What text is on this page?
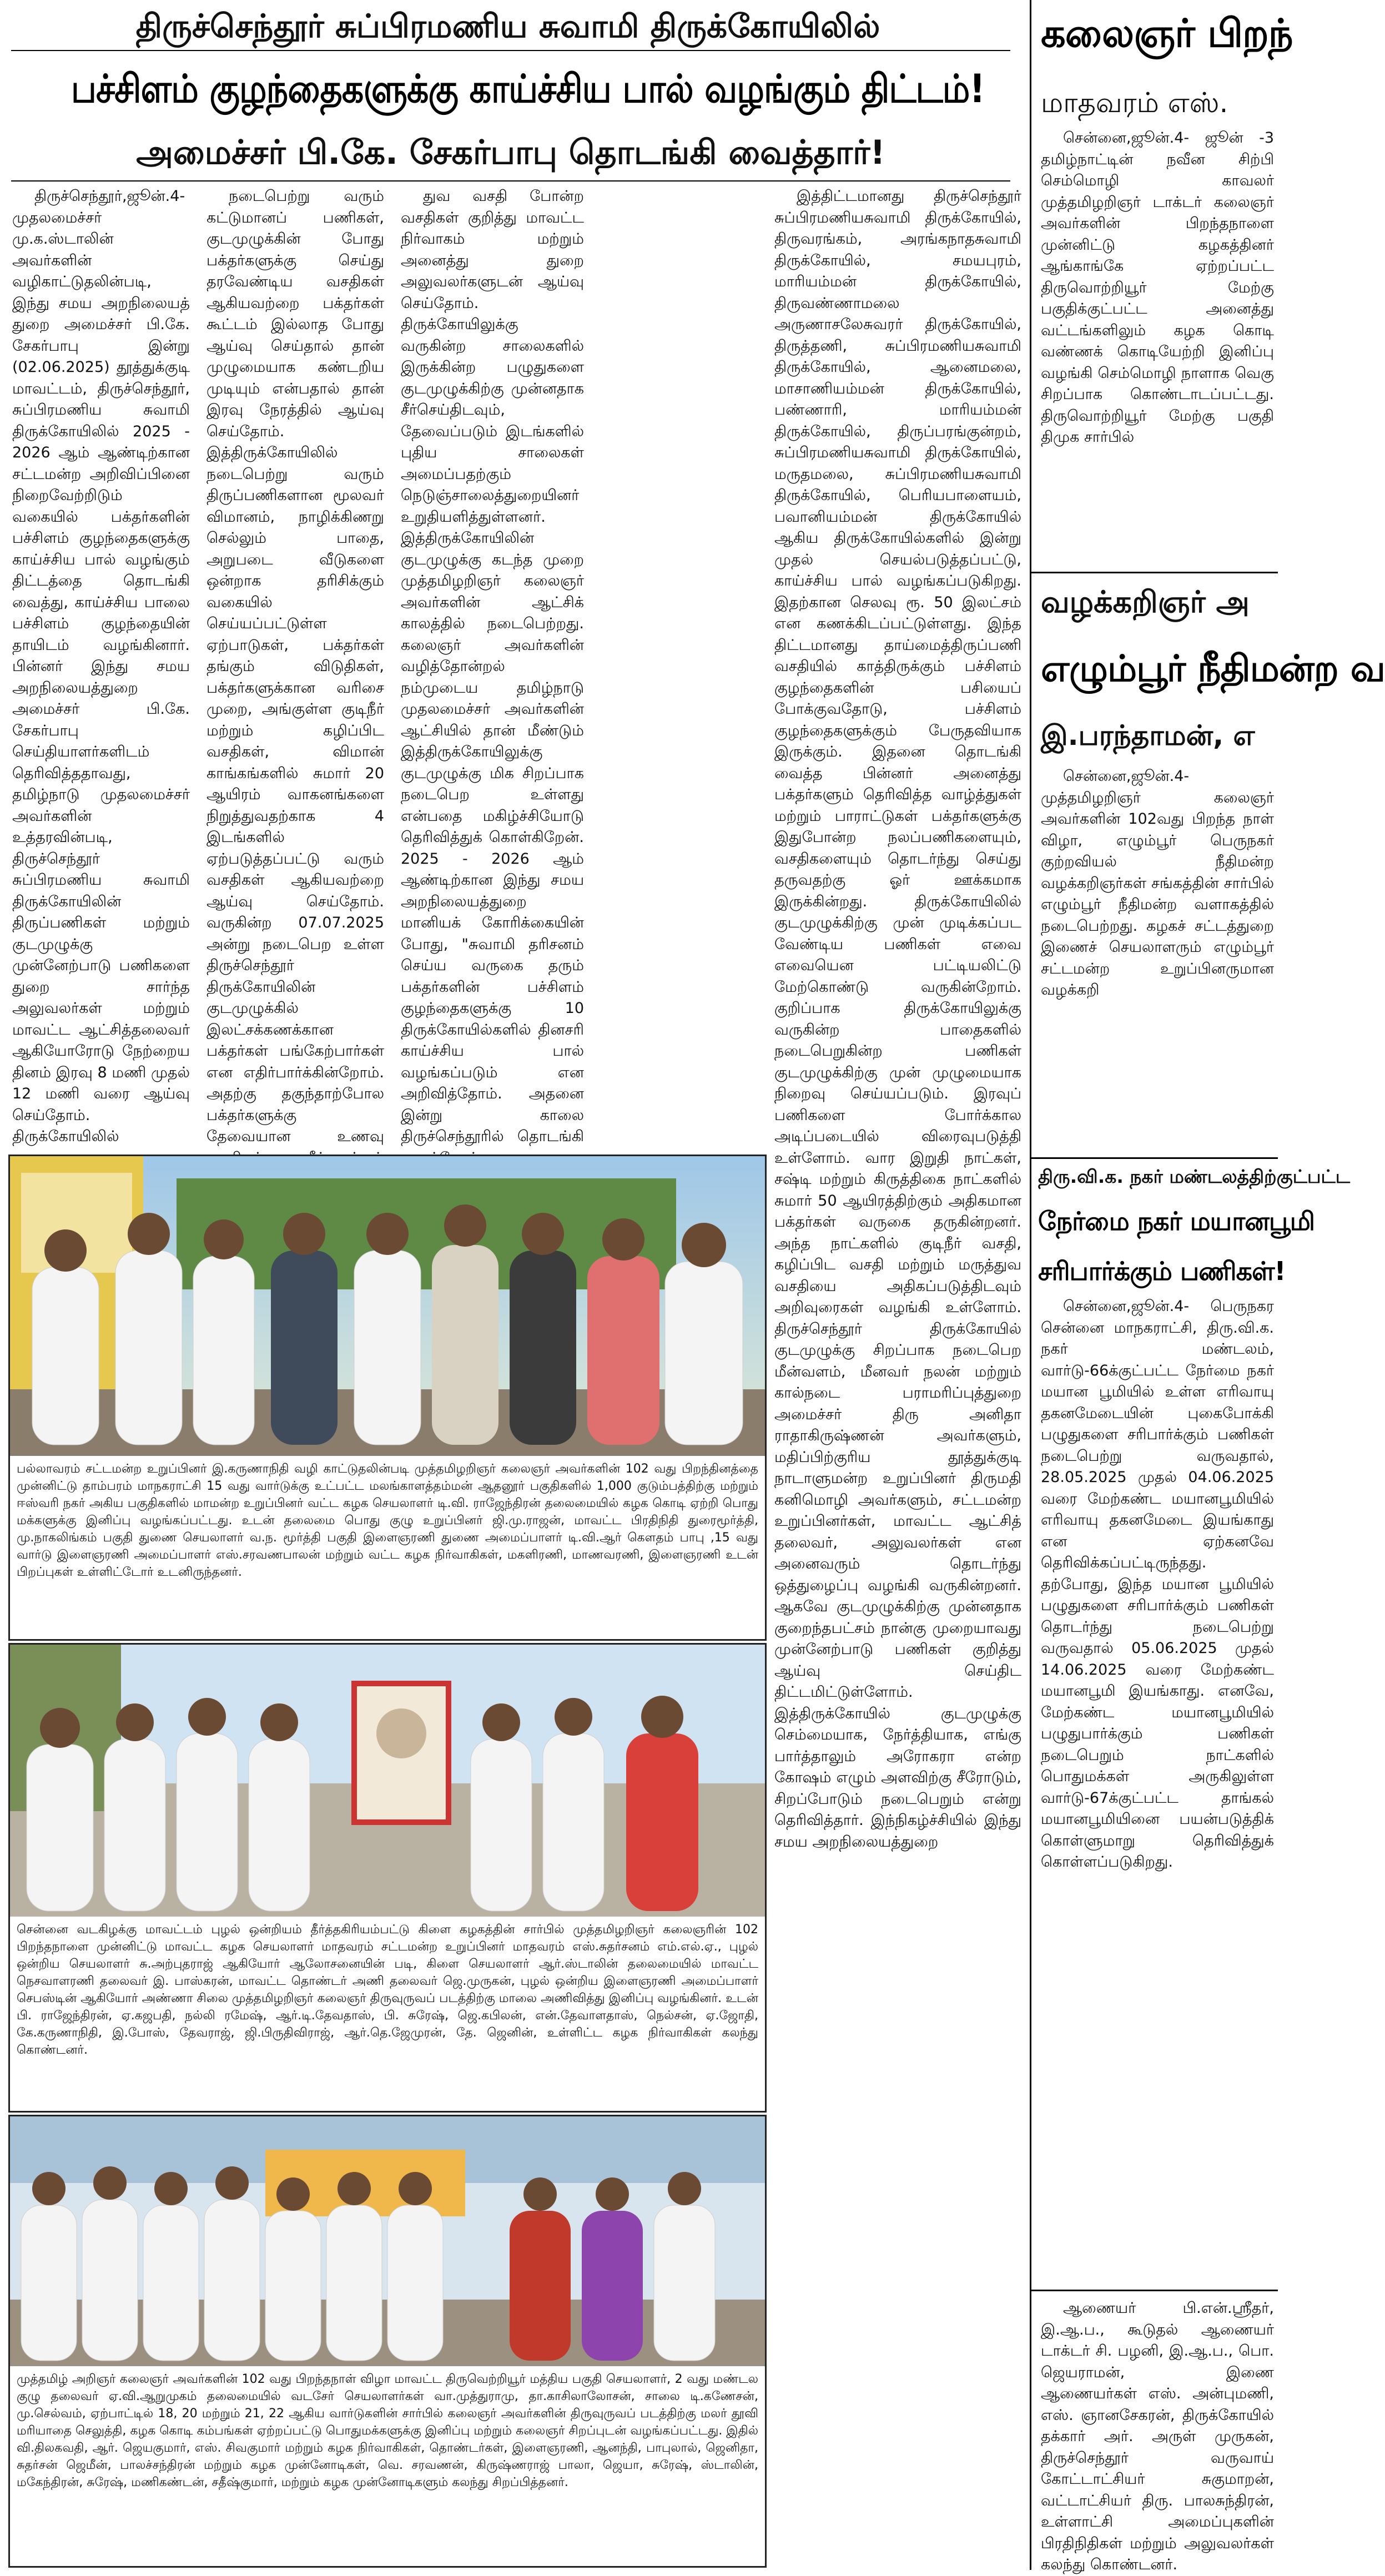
திருச்செந்தூர் சுப்பிரமணிய சுவாமி திருக்கோயிலில்
பச்சிளம் குழந்தைகளுக்கு காய்ச்சிய பால் வழங்கும் திட்டம்!
அமைச்சர் பி.கே. சேகர்பாபு தொடங்கி வைத்தார்!

திருச்செந்தூர்,ஜூன்.4- முதலமைச்சர் மு.க.ஸ்டாலின் அவர்களின் வழிகாட்டுதலின்படி, இந்து சமய அறநிலையத் துறை அமைச்சர் பி.கே. சேகர்பாபு இன்று (02.06.2025) தூத்துக்குடி மாவட்டம், திருச்செந்தூர், சுப்பிரமணிய சுவாமி திருக்கோயிலில் 2025 - 2026 ஆம் ஆண்டிற்கான சட்டமன்ற அறிவிப்பினை நிறைவேற்றிடும் வகையில் பக்தர்களின் பச்சிளம் குழந்தைகளுக்கு காய்ச்சிய பால் வழங்கும் திட்டத்தை தொடங்கி வைத்து, காய்ச்சிய பாலை பச்சிளம் குழந்தையின் தாயிடம் வழங்கினார். பின்னர் இந்து சமய அறநிலையத்துறை அமைச்சர் பி.கே. சேகர்பாபு செய்தியாளர்களிடம் தெரிவித்ததாவது, தமிழ்நாடு முதலமைச்சர் அவர்களின் உத்தரவின்படி, திருச்செந்தூர் சுப்பிரமணிய சுவாமி திருக்கோயிலின் திருப்பணிகள் மற்றும் குடமுழுக்கு முன்னேற்பாடு பணிகளை துறை சார்ந்த அலுவலர்கள் மற்றும் மாவட்ட ஆட்சித்தலைவர் ஆகியோரோடு நேற்றைய தினம் இரவு 8 மணி முதல் 12 மணி வரை ஆய்வு செய்தோம். திருக்கோயிலில்

நடைபெற்று வரும் கட்டுமானப் பணிகள், குடமுழுக்கின் போது பக்தர்களுக்கு செய்து தரவேண்டிய வசதிகள் ஆகியவற்றை பக்தர்கள் கூட்டம் இல்லாத போது ஆய்வு செய்தால் தான் முழுமையாக கண்டறிய முடியும் என்பதால் தான் இரவு நேரத்தில் ஆய்வு செய்தோம். இத்திருக்கோயிலில் நடைபெற்று வரும் திருப்பணிகளான மூலவர் விமானம், நாழிக்கிணறு செல்லும் பாதை, அறுபடை வீடுகளை ஒன்றாக தரிசிக்கும் வகையில் செய்யப்பட்டுள்ள ஏற்பாடுகள், பக்தர்கள் தங்கும் விடுதிகள், பக்தர்களுக்கான வரிசை முறை, அங்குள்ள குடிநீர் மற்றும் கழிப்பிட வசதிகள், விமான் காங்கங்களில் சுமார் 20 ஆயிரம் வாகனங்களை நிறுத்துவதற்காக 4 இடங்களில் ஏற்படுத்தப்பட்டு வரும் வசதிகள் ஆகியவற்றை ஆய்வு செய்தோம். வருகின்ற 07.07.2025 அன்று நடைபெற உள்ள திருச்செந்தூர் திருக்கோயிலின் குடமுழுக்கில் இலட்சக்கணக்கான பக்தர்கள் பங்கேற்பார்கள் என எதிர்பார்க்கின்றோம். அதற்கு தகுந்தாற்போல பக்தர்களுக்கு தேவையான உணவு

துவ வசதி போன்ற வசதிகள் குறித்து மாவட்ட நிர்வாகம் மற்றும் அனைத்து துறை அலுவலர்களுடன் ஆய்வு செய்தோம். திருக்கோயிலுக்கு வருகின்ற சாலைகளில் இருக்கின்ற பழுதுகளை குடமுழுக்கிற்கு முன்னதாக சீர்செய்திடவும், தேவைப்படும் இடங்களில் புதிய சாலைகள் அமைப்பதற்கும் நெடுஞ்சாலைத்துறையினர் உறுதியளித்துள்ளனர். இத்திருக்கோயிலின் குடமுழுக்கு கடந்த முறை முத்தமிழறிஞர் கலைஞர் அவர்களின் ஆட்சிக் காலத்தில் நடைபெற்றது. கலைஞர் அவர்களின் வழித்தோன்றல் நம்முடைய தமிழ்நாடு முதலமைச்சர் அவர்களின் ஆட்சியில் தான் மீண்டும் இத்திருக்கோயிலுக்கு குடமுழுக்கு மிக சிறப்பாக நடைபெற உள்ளது என்பதை மகிழ்ச்சியோடு தெரிவித்துக் கொள்கிறேன். 2025 - 2026 ஆம் ஆண்டிற்கான இந்து சமய அறநிலையத்துறை மானியக் கோரிக்கையின் போது, "சுவாமி தரிசனம் செய்ய வருகை தரும் பக்தர்களின் பச்சிளம் குழந்தைகளுக்கு 10 திருக்கோயில்களில் தினசரி காய்ச்சிய பால் வழங்கப்படும் என அறிவித்தோம். அதனை இன்று காலை திருச்செந்தூரில் தொடங்கி

இத்திட்டமானது திருச்செந்தூர் சுப்பிரமணியசுவாமி திருக்கோயில், திருவரங்கம், அரங்கநாதசுவாமி திருக்கோயில், சமயபுரம், மாரியம்மன் திருக்கோயில், திருவண்ணாமலை அருணாசலேசுவரர் திருக்கோயில், திருத்தணி, சுப்பிரமணியசுவாமி திருக்கோயில், ஆனைமலை, மாசாணியம்மன் திருக்கோயில், பண்ணாரி, மாரியம்மன் திருக்கோயில், திருப்பரங்குன்றம், சுப்பிரமணியசுவாமி திருக்கோயில், மருதமலை, சுப்பிரமணியசுவாமி திருக்கோயில், பெரியபாளையம், பவானியம்மன் திருக்கோயில் ஆகிய திருக்கோயில்களில் இன்று முதல் செயல்படுத்தப்பட்டு, காய்ச்சிய பால் வழங்கப்படுகிறது. இதற்கான செலவு ரூ. 50 இலட்சம் என கணக்கிடப்பட்டுள்ளது. இந்த திட்டமானது தாய்மைத்திருப்பணி வசதியில் காத்திருக்கும் பச்சிளம் குழந்தைகளின் பசியைப் போக்குவதோடு, பச்சிளம் குழந்தைகளுக்கும் பேருதவியாக இருக்கும். இதனை தொடங்கி வைத்த பின்னர் அனைத்து பக்தர்களும் தெரிவித்த வாழ்த்துகள் மற்றும் பாராட்டுகள் பக்தர்களுக்கு இதுபோன்ற நலப்பணிகளையும், வசதிகளையும் தொடர்ந்து செய்து தருவதற்கு ஓர் ஊக்கமாக இருக்கின்றது. திருக்கோயிலில் குடமுழுக்கிற்கு முன் முடிக்கப்பட வேண்டிய பணிகள் எவை எவையென பட்டியலிட்டு மேற்கொண்டு வருகின்றோம். குறிப்பாக திருக்கோயிலுக்கு வருகின்ற பாதைகளில் நடைபெறுகின்ற பணிகள் குடமுழுக்கிற்கு முன் முழுமையாக நிறைவு செய்யப்படும். இரவுப் பணிகளை போர்க்கால அடிப்படையில் விரைவுபடுத்தி உள்ளோம். வார இறுதி நாட்கள், சஷ்டி மற்றும் கிருத்திகை நாட்களில் சுமார் 50 ஆயிரத்திற்கும் அதிகமான பக்தர்கள் வருகை தருகின்றனர். அந்த நாட்களில் குடிநீர் வசதி, கழிப்பிட வசதி மற்றும் மருத்துவ வசதியை அதிகப்படுத்திடவும் அறிவுரைகள் வழங்கி உள்ளோம். திருச்செந்தூர் திருக்கோயில் குடமுழுக்கு சிறப்பாக நடைபெற மீன்வளம், மீனவர் நலன் மற்றும் கால்நடை பராமரிப்புத்துறை அமைச்சர் திரு அனிதா ராதாகிருஷ்ணன் அவர்களும், மதிப்பிற்குரிய தூத்துக்குடி நாடாளுமன்ற உறுப்பினர் திருமதி கனிமொழி அவர்களும், சட்டமன்ற உறுப்பினர்கள், மாவட்ட ஆட்சித் தலைவர், அலுவலர்கள் என அனைவரும் தொடர்ந்து ஒத்துழைப்பு வழங்கி வருகின்றனர். ஆகவே குடமுழுக்கிற்கு முன்னதாக குறைந்தபட்சம் நான்கு முறையாவது முன்னேற்பாடு பணிகள் குறித்து ஆய்வு செய்திட திட்டமிட்டுள்ளோம். இத்திருக்கோயில் குடமுழுக்கு செம்மையாக, நேர்த்தியாக, எங்கு பார்த்தாலும் அரோகரா என்ற கோஷம் எழும் அளவிற்கு சீரோடும், சிறப்போடும் நடைபெறும் என்று தெரிவித்தார். இந்நிகழ்ச்சியில் இந்து சமய அறநிலையத்துறை

பல்லாவரம் சட்டமன்ற உறுப்பினர் இ.கருணாநிதி வழி காட்டுதலின்படி முத்தமிழறிஞர் கலைஞர் அவர்களின் 102 வது பிறந்தினத்தை முன்னிட்டு தாம்பரம் மாநகராட்சி 15 வது வார்டுக்கு உட்பட்ட மலங்காளத்தம்மன் ஆதனூர் பகுதிகளில் 1,000 குடும்பத்திற்கு மற்றும் ஈஸ்வரி நகர் அகிய பகுதிகளில் மாமன்ற உறுப்பினர் வட்ட கழக செயலாளர் டி.வி. ராஜேந்திரன் தலைமையில் கழக கொடி ஏற்றி பொது மக்களுக்கு இனிப்பு வழங்கப்பட்டது. உடன் தலைமை பொது குழு உறுப்பினர் ஜி.மு.ராஜன், மாவட்ட பிரதிநிதி துரைமூர்த்தி, மு.நாகலிங்கம் பகுதி துணை செயலாளர் வ.ந. மூர்த்தி பகுதி இளைஞரணி துணை அமைப்பாளர் டி.வி.ஆர் கௌதம் பாபு ,15 வது வார்டு இளைஞரணி அமைப்பாளர் எஸ்.சரவணபாலன் மற்றும் வட்ட கழக நிர்வாகிகள், மகளிரணி, மாணவரணி, இளைஞரணி உடன் பிறப்புகள் உள்ளிட்டோர் உடனிருந்தனர்.
சென்னை வடகிழக்கு மாவட்டம் புழல் ஒன்றியம் தீர்த்தகிரியம்பட்டு கிளை கழகத்தின் சார்பில் முத்தமிழறிஞர் கலைஞரின் 102 பிறந்தநாளை முன்னிட்டு மாவட்ட கழக செயலாளர் மாதவரம் சட்டமன்ற உறுப்பினர் மாதவரம் எஸ்.சுதர்சனம் எம்.எல்.ஏ., புழல் ஒன்றிய செயலாளர் சு.அற்புதராஜ் ஆகியோர் ஆலோசனையின் படி, கிளை செயலாளர் ஆர்.ஸ்டாலின் தலைமையில் மாவட்ட நெசவாளரணி தலைவர் இ. பாஸ்கரன், மாவட்ட தொண்டர் அணி தலைவர் ஜெ.முருகன், புழல் ஒன்றிய இளைஞரணி அமைப்பாளர் செபஸ்டின் ஆகியோர் அண்ணா சிலை முத்தமிழறிஞர் கலைஞர் திருவுருவப் படத்திற்கு மாலை அணிவித்து இனிப்பு வழங்கினர். உடன் பி. ராஜேந்திரன், ஏ.கஜபதி, நல்லி ரமேஷ், ஆர்.டி.தேவதாஸ், பி. சுரேஷ், ஜெ.கபிலன், என்.தேவாளதாஸ், நெல்சன், ஏ.ஜோதி, கே.கருணாநிதி, இ.போஸ், தேவராஜ், ஜி.பிருதிவிராஜ், ஆர்.தெ.ஜேமுரன், தே. ஜெனின், உள்ளிட்ட கழக நிர்வாகிகள் கலந்து கொண்டனர்.
முத்தமிழ் அறிஞர் கலைஞர் அவர்களின் 102 வது பிறந்தநாள் விழா மாவட்ட திருவெற்றியூர் மத்திய பகுதி செயலாளர், 2 வது மண்டல குழு தலைவர் ஏ.வி.ஆறுமுகம் தலைமையில் வடசேர் செயலாளர்கள் வா.முத்துராமு, தா.காசிலாலோசன், சாலை டி.கணேசன், மு.செல்வம், ஏற்பாட்டில் 18, 20 மற்றும் 21, 22 ஆகிய வார்டுகளின் சார்பில் கலைஞர் அவர்களின் திருவுருவப் படத்திற்கு மலர் தூவி மரியாதை செலுத்தி, கழக கொடி கம்பங்கள் ஏற்றப்பட்டு பொதுமக்களுக்கு இனிப்பு மற்றும் கலைஞர் சிறப்புடன் வழங்கப்பட்டது. இதில் வி.திலகவதி, ஆர். ஜெயகுமார், எஸ். சிவகுமார் மற்றும் கழக நிர்வாகிகள், தொண்டர்கள், இளைஞரணி, ஆனந்தி, பாபுலால், ஜெனிதா, சுதர்சன் ஜெமீன், பாலச்சந்திரன் மற்றும் கழக முன்னோடிகள், வெ. சரவணன், கிருஷ்ணராஜ் பாலா, ஜெயா, சுரேஷ், ஸ்டாலின், மகேந்திரன், சுரேஷ், மணிகண்டன், சதீஷ்குமார், மற்றும் கழக முன்னோடிகளும் கலந்து சிறப்பித்தனர்.
கலைஞர் பிறந்
மாதவரம் எஸ்.

சென்னை,ஜூன்.4- ஜூன் -3 தமிழ்நாட்டின் நவீன சிற்பி செம்மொழி காவலர் முத்தமிழறிஞர் டாக்டர் கலைஞர் அவர்களின் பிறந்தநாளை முன்னிட்டு கழகத்தினர் ஆங்காங்கே ஏற்றப்பட்ட திருவொற்றியூர் மேற்கு பகுதிக்குட்பட்ட அனைத்து வட்டங்களிலும் கழக கொடி வண்ணக் கொடியேற்றி இனிப்பு வழங்கி செம்மொழி நாளாக வெகு சிறப்பாக கொண்டாடப்பட்டது. திருவொற்றியூர் மேற்கு பகுதி திமுக சார்பில்

வழக்கறிஞர் அ
எழும்பூர் நீதிமன்ற வ
இ.பரந்தாமன், எ

சென்னை,ஜூன்.4- முத்தமிழறிஞர் கலைஞர் அவர்களின் 102வது பிறந்த நாள் விழா, எழும்பூர் பெருநகர் குற்றவியல் நீதிமன்ற வழக்கறிஞர்கள் சங்கத்தின் சார்பில் எழும்பூர் நீதிமன்ற வளாகத்தில் நடைபெற்றது. கழகச் சட்டத்துறை இணைச் செயலாளரும் எழும்பூர் சட்டமன்ற உறுப்பினருமான வழக்கறி

திரு.வி.க. நகர் மண்டலத்திற்குட்பட்ட
நேர்மை நகர் மயானபூமி
சரிபார்க்கும் பணிகள்!

சென்னை,ஜூன்.4- பெருநகர சென்னை மாநகராட்சி, திரு.வி.க. நகர் மண்டலம், வார்டு-66க்குட்பட்ட நேர்மை நகர் மயான பூமியில் உள்ள எரிவாயு தகனமேடையின் புகைபோக்கி பழுதுகளை சரிபார்க்கும் பணிகள் நடைபெற்று வருவதால், 28.05.2025 முதல் 04.06.2025 வரை மேற்கண்ட மயானபூமியில் எரிவாயு தகனமேடை இயங்காது என ஏற்கனவே தெரிவிக்கப்பட்டிருந்தது. தற்போது, இந்த மயான பூமியில் பழுதுகளை சரிபார்க்கும் பணிகள் தொடர்ந்து நடைபெற்று வருவதால் 05.06.2025 முதல் 14.06.2025 வரை மேற்கண்ட மயானபூமி இயங்காது. எனவே, மேற்கண்ட மயானபூமியில் பழுதுபார்க்கும் பணிகள் நடைபெறும் நாட்களில் பொதுமக்கள் அருகிலுள்ள வார்டு-67க்குட்பட்ட தாங்கல் மயானபூமியினை பயன்படுத்திக் கொள்ளுமாறு தெரிவித்துக் கொள்ளப்படுகிறது.

ஆணையர் பி.என்.ஸ்ரீதர், இ.ஆ.ப., கூடுதல் ஆணையர் டாக்டர் சி. பழனி, இ.ஆ.ப., பொ. ஜெயராமன், இணை ஆணையர்கள் எஸ். அன்புமணி, எஸ். ஞானசேகரன், திருக்கோயில் தக்கார் அர். அருள் முருகன், திருச்செந்தூர் வருவாய் கோட்டாட்சியர் சுகுமாறன், வட்டாட்சியர் திரு. பாலசுந்திரன், உள்ளாட்சி அமைப்புகளின் பிரதிநிதிகள் மற்றும் அலுவலர்கள் கலந்து கொண்டனர்.
